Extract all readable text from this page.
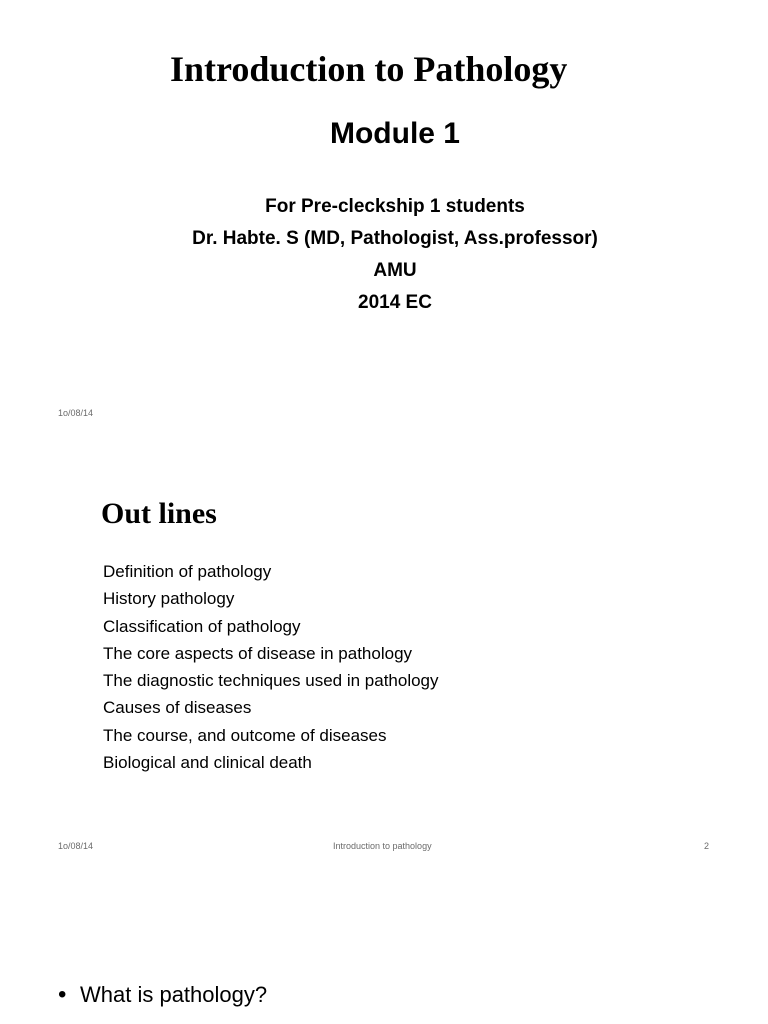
Introduction to Pathology
Module 1
For Pre-cleckship 1 students
Dr. Habte. S (MD, Pathologist, Ass.professor)
AMU
2014 EC
1o/08/14
Out lines
Definition of pathology
History pathology
Classification of pathology
The core aspects of disease in pathology
The diagnostic techniques used in pathology
Causes of diseases
The course, and outcome of diseases
Biological and clinical death
1o/08/14	Introduction to pathology	2
• What is pathology?
